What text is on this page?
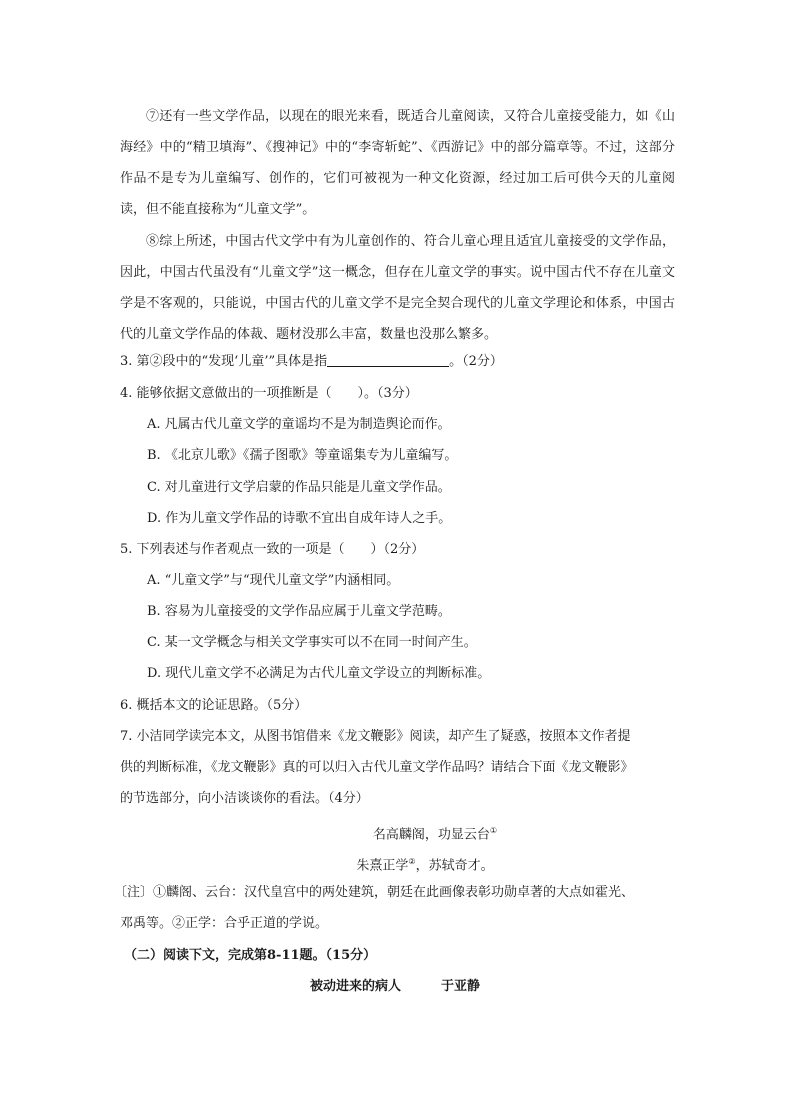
⑦还有一些文学作品，以现在的眼光来看，既适合儿童阅读，又符合儿童接受能力，如《山海经》中的“精卫填海”、《搜神记》中的“李寄斩蛇”、《西游记》中的部分篇章等。不过，这部分作品不是专为儿童编写、创作的，它们可被视为一种文化资源，经过加工后可供今天的儿童阅读，但不能直接称为“儿童文学”。

⑧综上所述，中国古代文学中有为儿童创作的、符合儿童心理且适宜儿童接受的文学作品，因此，中国古代虽没有“儿童文学”这一概念，但存在儿童文学的事实。说中国古代不存在儿童文学是不客观的，只能说，中国古代的儿童文学不是完全契合现代的儿童文学理论和体系，中国古代的儿童文学作品的体裁、题材没那么丰富，数量也没那么繁多。

3. 第②段中的“发现‘儿童’”具体是指	。（2分）
4. 能够依据文意做出的一项推断是（　　）。（3分）
A. 凡属古代儿童文学的童谣均不是为制造舆论而作。
B. 《北京儿歌》《孺子图歌》等童谣集专为儿童编写。
C. 对儿童进行文学启蒙的作品只能是儿童文学作品。
D. 作为儿童文学作品的诗歌不宜出自成年诗人之手。
5. 下列表述与作者观点一致的一项是（　　）（2分）
A. “儿童文学”与“现代儿童文学”内涵相同。
B. 容易为儿童接受的文学作品应属于儿童文学范畴。
C. 某一文学概念与相关文学事实可以不在同一时间产生。
D. 现代儿童文学不必满足为古代儿童文学设立的判断标准。
6. 概括本文的论证思路。（5分）
7. 小洁同学读完本文，从图书馆借来《龙文鞭影》阅读，却产生了疑惑，按照本文作者提
供的判断标准，《龙文鞭影》真的可以归入古代儿童文学作品吗？请结合下面《龙文鞭影》
的节选部分，向小洁谈谈你的看法。（4分）
名高麟阁，功显云台①
朱熹正学②，苏轼奇才。
〔注〕①麟阁、云台：汉代皇宫中的两处建筑，朝廷在此画像表彰功勋卓著的大点如霍光、
邓禹等。②正学：合乎正道的学说。
（二）阅读下文，完成第8-11题。（15分）
被动进来的病人	于亚静
